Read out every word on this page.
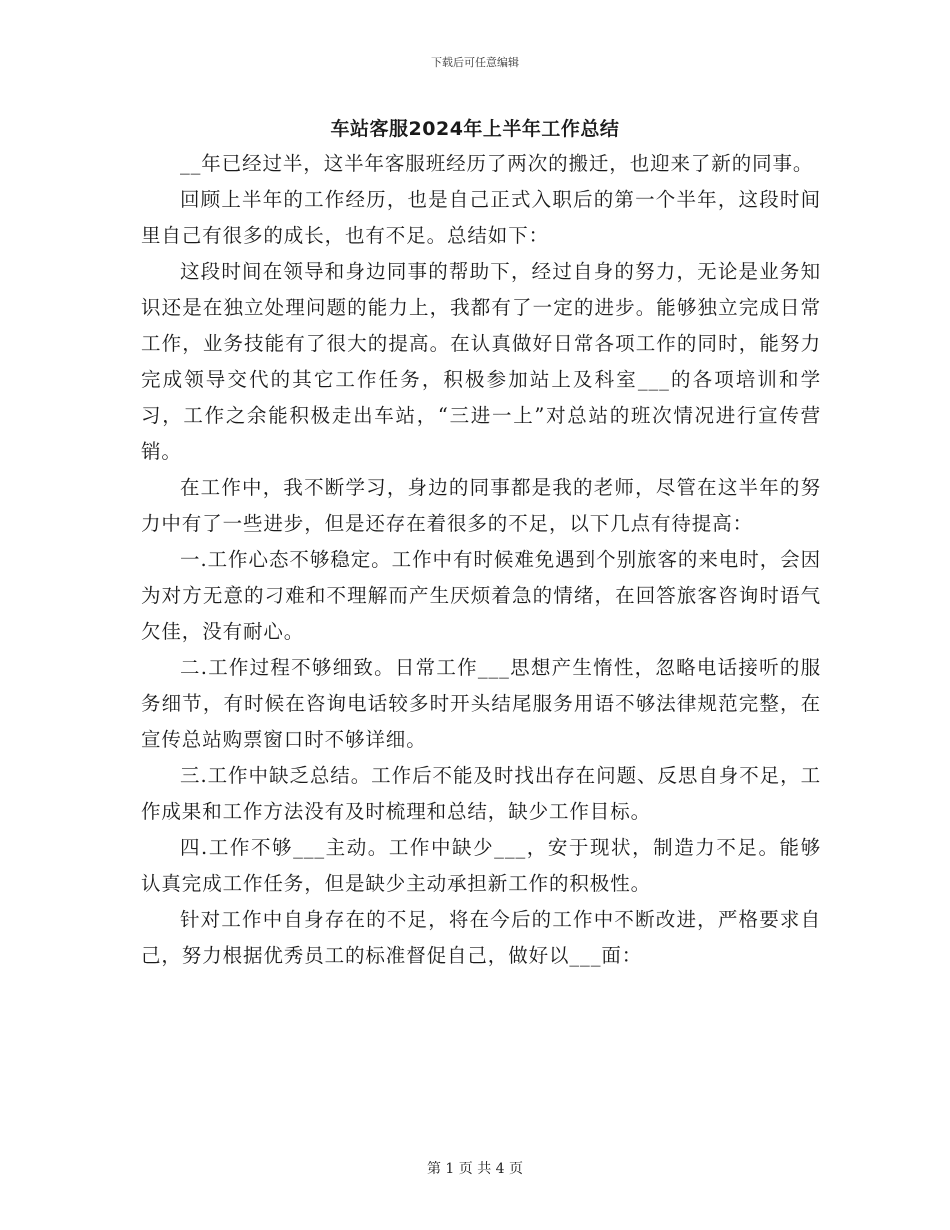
下载后可任意编辑
车站客服2024年上半年工作总结

__年已经过半，这半年客服班经历了两次的搬迁，也迎来了新的同事。

回顾上半年的工作经历，也是自己正式入职后的第一个半年，这段时间里自己有很多的成长，也有不足。总结如下：

这段时间在领导和身边同事的帮助下，经过自身的努力，无论是业务知识还是在独立处理问题的能力上，我都有了一定的进步。能够独立完成日常工作，业务技能有了很大的提高。在认真做好日常各项工作的同时，能努力完成领导交代的其它工作任务，积极参加站上及科室___的各项培训和学习，工作之余能积极走出车站，“三进一上”对总站的班次情况进行宣传营销。

在工作中，我不断学习，身边的同事都是我的老师，尽管在这半年的努力中有了一些进步，但是还存在着很多的不足，以下几点有待提高：

一.工作心态不够稳定。工作中有时候难免遇到个别旅客的来电时，会因为对方无意的刁难和不理解而产生厌烦着急的情绪，在回答旅客咨询时语气欠佳，没有耐心。

二.工作过程不够细致。日常工作___思想产生惰性，忽略电话接听的服务细节，有时候在咨询电话较多时开头结尾服务用语不够法律规范完整，在宣传总站购票窗口时不够详细。

三.工作中缺乏总结。工作后不能及时找出存在问题、反思自身不足，工作成果和工作方法没有及时梳理和总结，缺少工作目标。

四.工作不够___主动。工作中缺少___，安于现状，制造力不足。能够认真完成工作任务，但是缺少主动承担新工作的积极性。

针对工作中自身存在的不足，将在今后的工作中不断改进，严格要求自己，努力根据优秀员工的标准督促自己，做好以___面：

第 1 页 共 4 页
